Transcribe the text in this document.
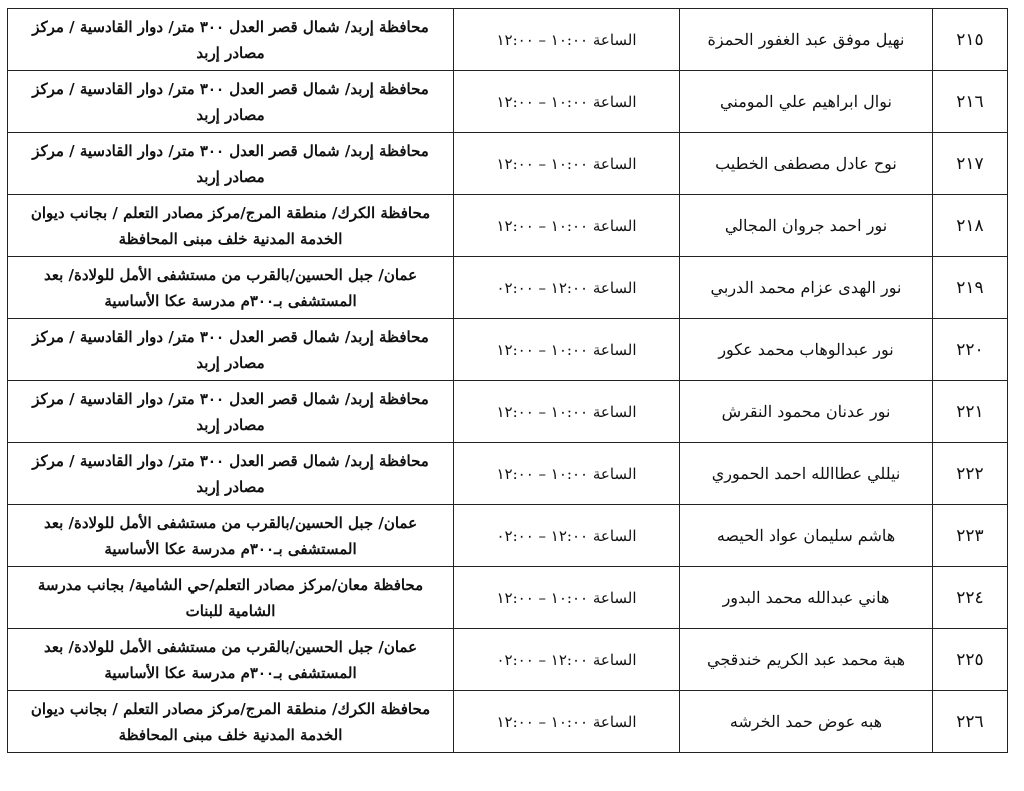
٢١٥	نهيل موفق عبد الغفور الحمزة	الساعة ١٠:٠٠ – ١٢:٠٠	محافظة إربد/ شمال قصر العدل ٣٠٠ متر/ دوار القادسية / مركز مصادر إربد
٢١٦	نوال ابراهيم علي المومني	الساعة ١٠:٠٠ – ١٢:٠٠	محافظة إربد/ شمال قصر العدل ٣٠٠ متر/ دوار القادسية / مركز مصادر إربد
٢١٧	نوح عادل مصطفى الخطيب	الساعة ١٠:٠٠ – ١٢:٠٠	محافظة إربد/ شمال قصر العدل ٣٠٠ متر/ دوار القادسية / مركز مصادر إربد
٢١٨	نور احمد جروان المجالي	الساعة ١٠:٠٠ – ١٢:٠٠	محافظة الكرك/ منطقة المرج/مركز مصادر التعلم / بجانب ديوان الخدمة المدنية خلف مبنى المحافظة
٢١٩	نور الهدى عزام محمد الدربي	الساعة ١٢:٠٠ – ٠٢:٠٠	عمان/ جبل الحسين/بالقرب من مستشفى الأمل للولادة/ بعد المستشفى بـ٣٠٠م مدرسة عكا الأساسية
٢٢٠	نور عبدالوهاب محمد عكور	الساعة ١٠:٠٠ – ١٢:٠٠	محافظة إربد/ شمال قصر العدل ٣٠٠ متر/ دوار القادسية / مركز مصادر إربد
٢٢١	نور عدنان محمود النقرش	الساعة ١٠:٠٠ – ١٢:٠٠	محافظة إربد/ شمال قصر العدل ٣٠٠ متر/ دوار القادسية / مركز مصادر إربد
٢٢٢	نيللي عطاالله احمد الحموري	الساعة ١٠:٠٠ – ١٢:٠٠	محافظة إربد/ شمال قصر العدل ٣٠٠ متر/ دوار القادسية / مركز مصادر إربد
٢٢٣	هاشم سليمان عواد الحيصه	الساعة ١٢:٠٠ – ٠٢:٠٠	عمان/ جبل الحسين/بالقرب من مستشفى الأمل للولادة/ بعد المستشفى بـ٣٠٠م مدرسة عكا الأساسية
٢٢٤	هاني عبدالله محمد البدور	الساعة ١٠:٠٠ – ١٢:٠٠	محافظة معان/مركز مصادر التعلم/حي الشامية/ بجانب مدرسة الشامية للبنات
٢٢٥	هبة محمد عبد الكريم خندقجي	الساعة ١٢:٠٠ – ٠٢:٠٠	عمان/ جبل الحسين/بالقرب من مستشفى الأمل للولادة/ بعد المستشفى بـ٣٠٠م مدرسة عكا الأساسية
٢٢٦	هبه عوض حمد الخرشه	الساعة ١٠:٠٠ – ١٢:٠٠	محافظة الكرك/ منطقة المرج/مركز مصادر التعلم / بجانب ديوان الخدمة المدنية خلف مبنى المحافظة
